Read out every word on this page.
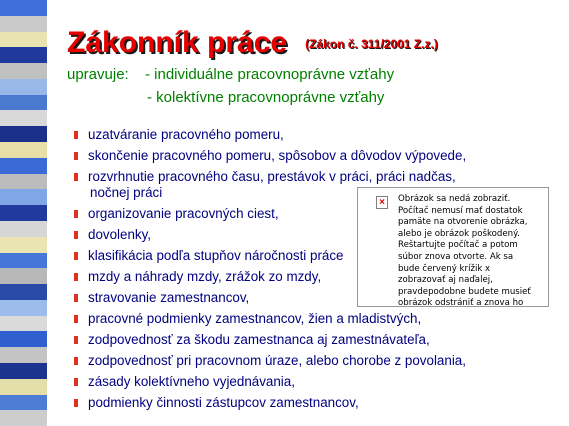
Zákonník práce $^{(Zákon č. 311/2001 Z.z.)}$
upravuje: - individuálne pracovnoprávne vzťahy
- kolektívne pracovnoprávne vzťahy
uzatváranie pracovného pomeru,
skončenie pracovného pomeru, spôsobov a dôvodov výpovede,
rozvrhnutie pracovného času, prestávok v práci, práci nadčas,
nočnej práci
organizovanie pracovných ciest,
dovolenky,
klasifikácia podľa stupňov náročnosti práce
mzdy a náhrady mzdy, zrážok zo mzdy,
stravovanie zamestnancov,
pracovné podmienky zamestnancov, žien a mladistvých,
zodpovednosť za škodu zamestnanca aj zamestnávateľa,
zodpovednosť pri pracovnom úraze, alebo chorobe z povolania,
zásady kolektívneho vyjednávania,
podmienky činnosti zástupcov zamestnancov,
×	Obrázok sa nedá zobraziť.
Počítač nemusí mať dostatok
pamäte na otvorenie obrázka,
alebo je obrázok poškodený.
Reštartujte počítač a potom
súbor znova otvorte. Ak sa
bude červený krížik x
zobrazovať aj naďalej,
pravdepodobne budete musieť
obrázok odstrániť a znova ho
